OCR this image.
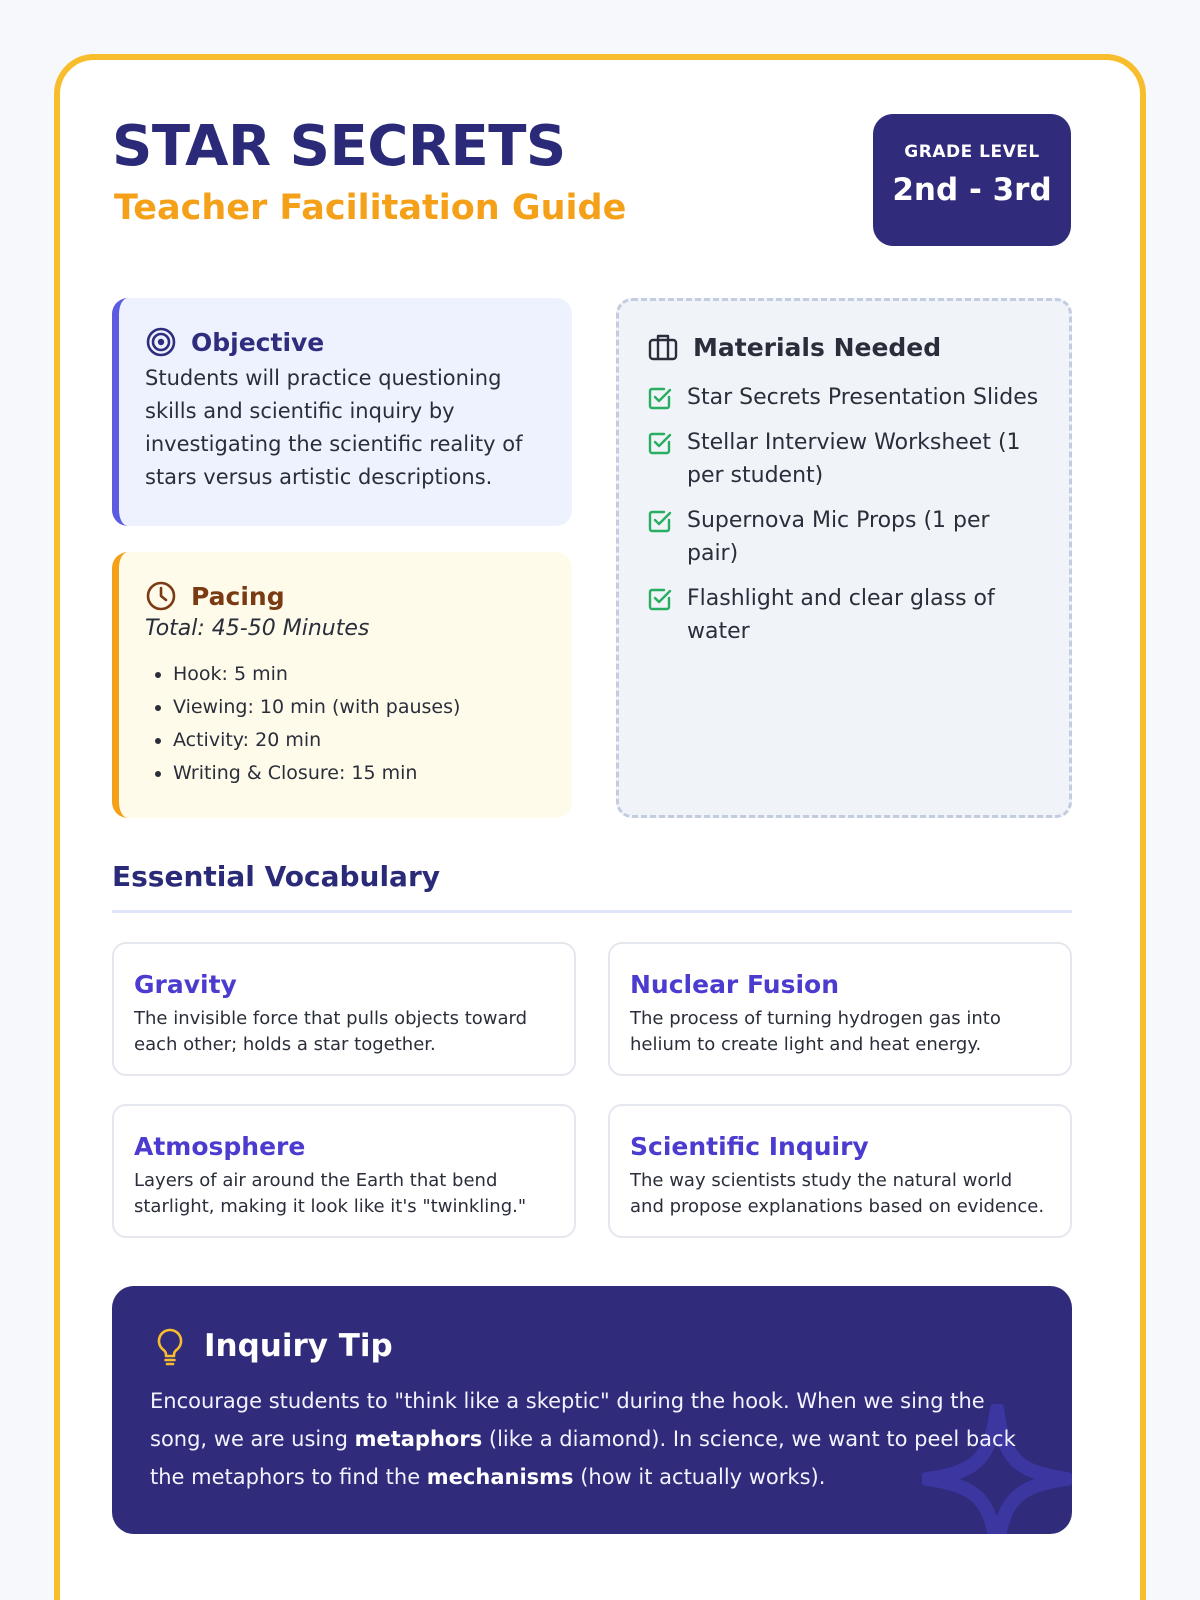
STAR SECRETS
Teacher Facilitation Guide
GRADE LEVEL
2nd - 3rd
Objective

Students will practice questioning skills and scientific inquiry by investigating the scientific reality of stars versus artistic descriptions.

Pacing
Total: 45-50 Minutes
• Hook: 5 min
• Viewing: 10 min (with pauses)
• Activity: 20 min
• Writing & Closure: 15 min
Materials Needed
Star Secrets Presentation Slides
Stellar Interview Worksheet (1 per student)
Supernova Mic Props (1 per pair)
Flashlight and clear glass of water
Essential Vocabulary
Gravity
The invisible force that pulls objects toward each other; holds a star together.
Nuclear Fusion
The process of turning hydrogen gas into helium to create light and heat energy.
Atmosphere
Layers of air around the Earth that bend starlight, making it look like it's "twinkling."
Scientific Inquiry
The way scientists study the natural world and propose explanations based on evidence.
Inquiry Tip

Encourage students to "think like a skeptic" during the hook. When we sing the song, we are using metaphors (like a diamond). In science, we want to peel back the metaphors to find the mechanisms (how it actually works).
